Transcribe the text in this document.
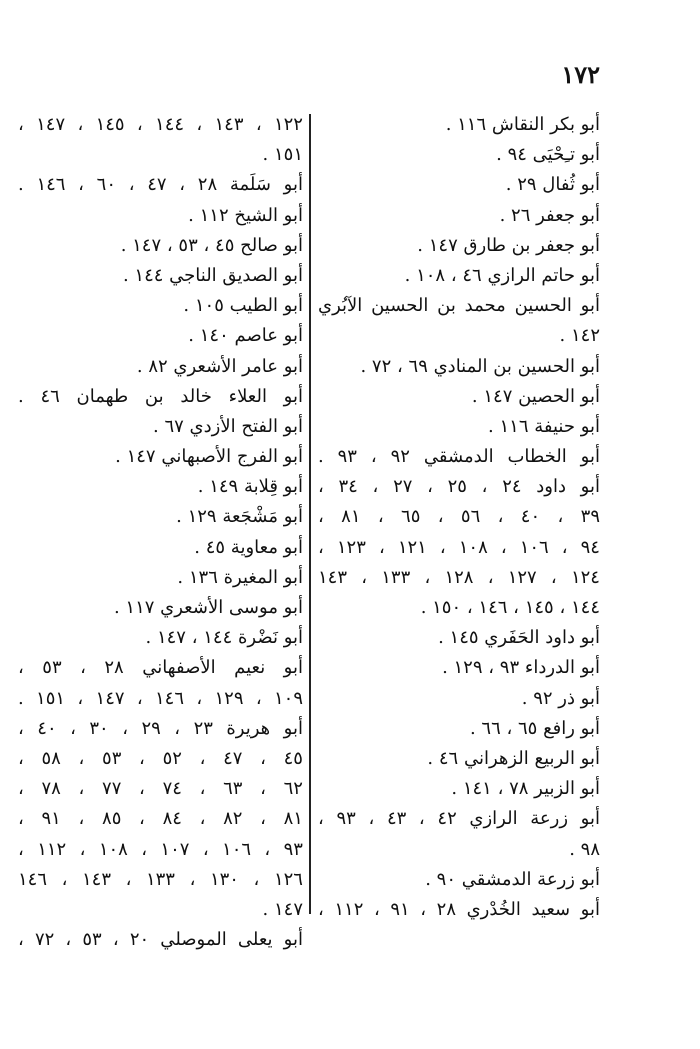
١٧٢
أبو بكر النقاش ١١٦ .
أبو تـِحْيَى ٩٤ .
أبو ثُفال ٢٩ .
أبو جعفر ٢٦ .
أبو جعفر بن طارق ١٤٧ .
أبو حاتم الرازي ٤٦ ، ١٠٨ .
أبو الحسين محمد بن الحسين الآبُري
١٤٢ .
أبو الحسين بن المنادي ٦٩ ، ٧٢ .
أبو الحصين ١٤٧ .
أبو حنيفة ١١٦ .
أبو الخطاب الدمشقي ٩٢ ، ٩٣ .
أبو داود ٢٤ ، ٢٥ ، ٢٧ ، ٣٤ ،
٣٩ ، ٤٠ ، ٥٦ ، ٦٥ ، ٨١ ،
٩٤ ، ١٠٦ ، ١٠٨ ، ١٢١ ، ١٢٣ ،
١٢٤ ، ١٢٧ ، ١٢٨ ، ١٣٣ ، ١٤٣
١٤٤ ، ١٤٥ ، ١٤٦ ، ١٥٠ .
أبو داود الحَفَري ١٤٥ .
أبو الدرداء ٩٣ ، ١٢٩ .
أبو ذر ٩٢ .
أبو رافع ٦٥ ، ٦٦ .
أبو الربيع الزهراني ٤٦ .
أبو الزبير ٧٨ ، ١٤١ .
أبو زرعة الرازي ٤٢ ، ٤٣ ، ٩٣ ،
٩٨ .
أبو زرعة الدمشقي ٩٠ .
أبو سعيد الخُدْري ٢٨ ، ٩١ ، ١١٢ ،
١٢٢ ، ١٤٣ ، ١٤٤ ، ١٤٥ ، ١٤٧ ،
١٥١ .
أبو سَلَمة ٢٨ ، ٤٧ ، ٦٠ ، ١٤٦ .
أبو الشيخ ١١٢ .
أبو صالح ٤٥ ، ٥٣ ، ١٤٧ .
أبو الصديق الناجي ١٤٤ .
أبو الطيب ١٠٥ .
أبو عاصم ١٤٠ .
أبو عامر الأشعري ٨٢ .
أبو العلاء خالد بن طهمان ٤٦ .
أبو الفتح الأزدي ٦٧ .
أبو الفرج الأصبهاني ١٤٧ .
أبو قِلابة ١٤٩ .
أبو مَشْجَعة ١٢٩ .
أبو معاوية ٤٥ .
أبو المغيرة ١٣٦ .
أبو موسى الأشعري ١١٧ .
أبو نَضْرة ١٤٤ ، ١٤٧ .
أبو نعيم الأصفهاني ٢٨ ، ٥٣ ،
١٠٩ ، ١٢٩ ، ١٤٦ ، ١٤٧ ، ١٥١ .
أبو هريرة ٢٣ ، ٢٩ ، ٣٠ ، ٤٠ ،
٤٥ ، ٤٧ ، ٥٢ ، ٥٣ ، ٥٨ ،
٦٢ ، ٦٣ ، ٧٤ ، ٧٧ ، ٧٨ ،
٨١ ، ٨٢ ، ٨٤ ، ٨٥ ، ٩١ ،
٩٣ ، ١٠٦ ، ١٠٧ ، ١٠٨ ، ١١٢ ،
١٢٦ ، ١٣٠ ، ١٣٣ ، ١٤٣ ، ١٤٦
١٤٧ .
أبو يعلى الموصلي ٢٠ ، ٥٣ ، ٧٢ ،
